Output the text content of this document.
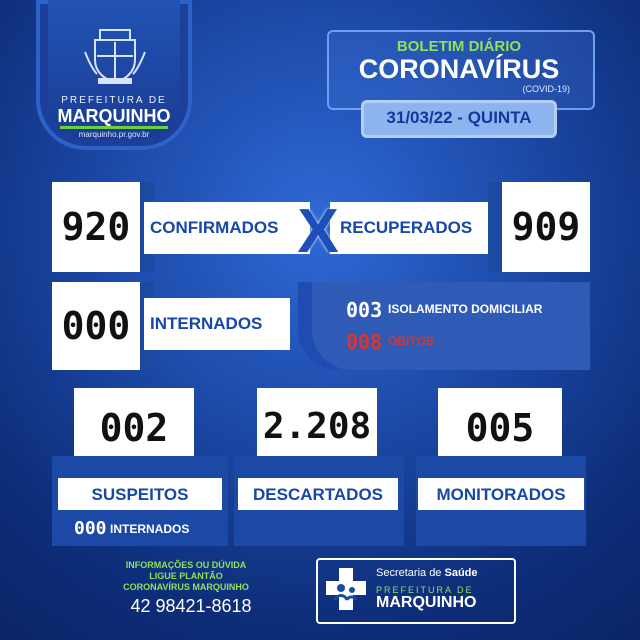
PREFEITURA DE
MARQUINHO
marquinho.pr.gov.br
BOLETIM DIÁRIO
CORONAVÍRUS
(COVID-19)
31/03/22 - QUINTA
920	CONFIRMADOS	RECUPERADOS
X	909
000	INTERNADOS
003 ISOLAMENTO DOMICILIAR
008 ÓBITOS
002
SUSPEITOS
000 INTERNADOS
2.208
DESCARTADOS
005
MONITORADOS
INFORMAÇÕES OU DÚVIDA
LIGUE PLANTÃO
CORONAVÍRUS MARQUINHO
42 98421-8618
Secretaria de Saúde
PREFEITURA DE
MARQUINHO
